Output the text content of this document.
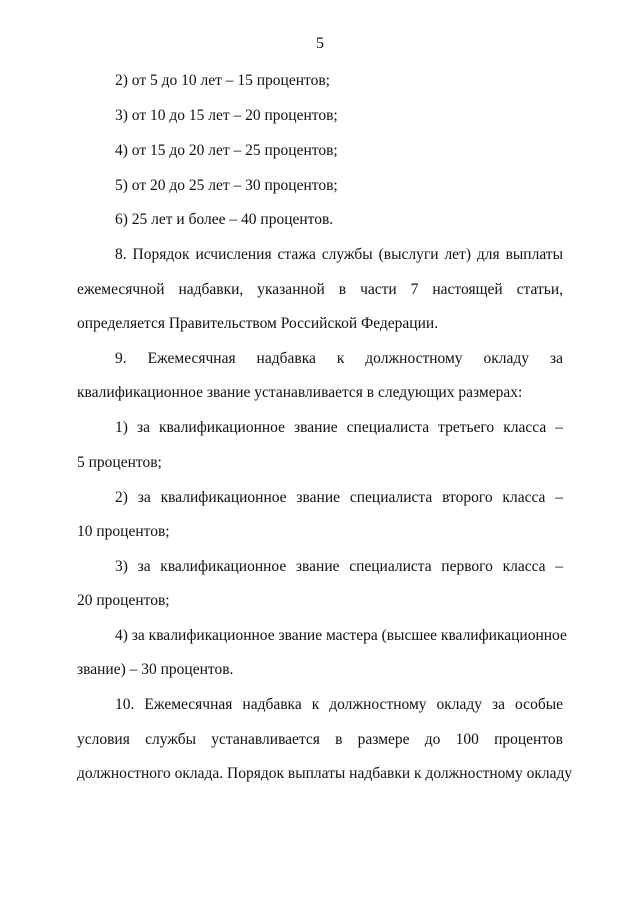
5
2) от 5 до 10 лет – 15 процентов;
3) от 10 до 15 лет – 20 процентов;
4) от 15 до 20 лет – 25 процентов;
5) от 20 до 25 лет – 30 процентов;
6) 25 лет и более – 40 процентов.
8. Порядок исчисления стажа службы (выслуги лет) для выплаты
ежемесячной надбавки, указанной в части 7 настоящей статьи,
определяется Правительством Российской Федерации.
9. Ежемесячная надбавка к должностному окладу за
квалификационное звание устанавливается в следующих размерах:
1) за квалификационное звание специалиста третьего класса –
5 процентов;
2) за квалификационное звание специалиста второго класса –
10 процентов;
3) за квалификационное звание специалиста первого класса –
20 процентов;
4) за квалификационное звание мастера (высшее квалификационное
звание) – 30 процентов.
10. Ежемесячная надбавка к должностному окладу за особые
условия службы устанавливается в размере до 100 процентов
должностного оклада. Порядок выплаты надбавки к должностному окладу
